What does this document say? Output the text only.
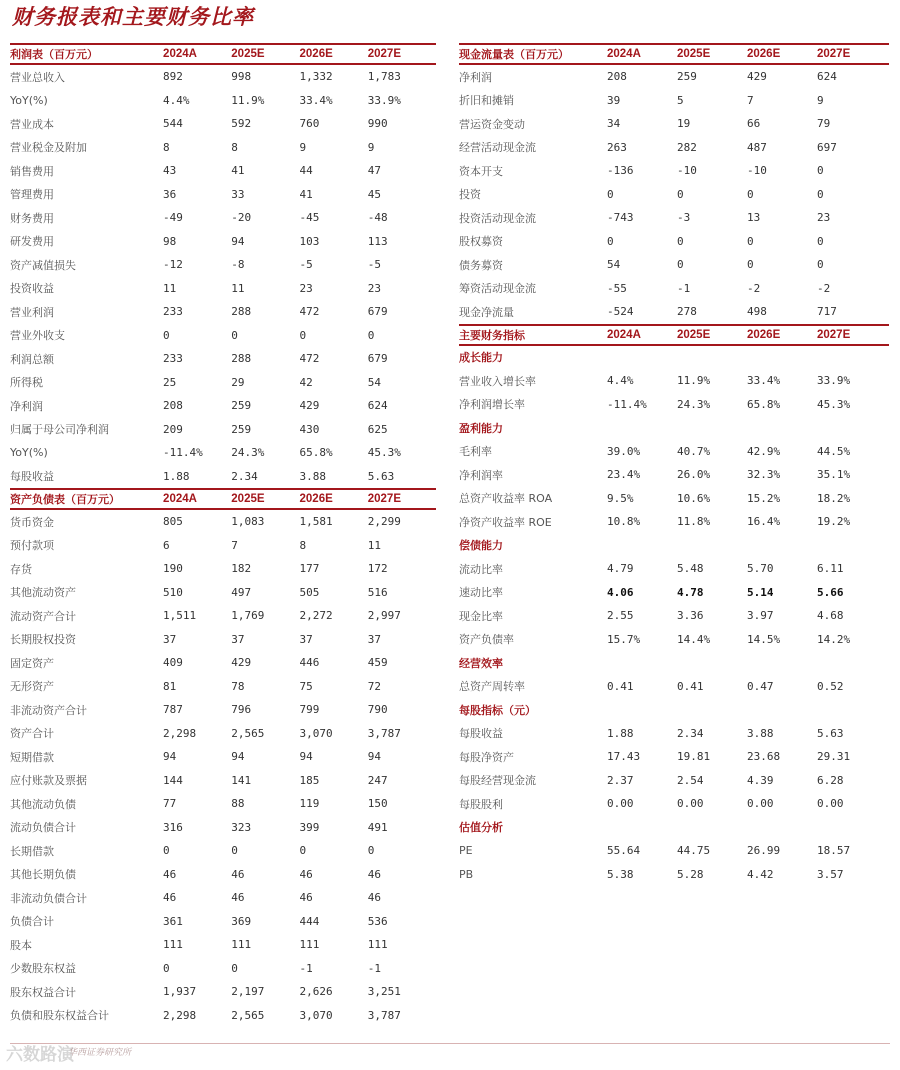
财务报表和主要财务比率
利润表（百万元）	2024A	2025E	2026E	2027E
营业总收入	892	998	1,332	1,783
YoY(%)	4.4%	11.9%	33.4%	33.9%
营业成本	544	592	760	990
营业税金及附加	8	8	9	9
销售费用	43	41	44	47
管理费用	36	33	41	45
财务费用	-49	-20	-45	-48
研发费用	98	94	103	113
资产减值损失	-12	-8	-5	-5
投资收益	11	11	23	23
营业利润	233	288	472	679
营业外收支	0	0	0	0
利润总额	233	288	472	679
所得税	25	29	42	54
净利润	208	259	429	624
归属于母公司净利润	209	259	430	625
YoY(%)	-11.4%	24.3%	65.8%	45.3%
每股收益	1.88	2.34	3.88	5.63
资产负债表（百万元）	2024A	2025E	2026E	2027E
货币资金	805	1,083	1,581	2,299
预付款项	6	7	8	11
存货	190	182	177	172
其他流动资产	510	497	505	516
流动资产合计	1,511	1,769	2,272	2,997
长期股权投资	37	37	37	37
固定资产	409	429	446	459
无形资产	81	78	75	72
非流动资产合计	787	796	799	790
资产合计	2,298	2,565	3,070	3,787
短期借款	94	94	94	94
应付账款及票据	144	141	185	247
其他流动负债	77	88	119	150
流动负债合计	316	323	399	491
长期借款	0	0	0	0
其他长期负债	46	46	46	46
非流动负债合计	46	46	46	46
负债合计	361	369	444	536
股本	111	111	111	111
少数股东权益	0	0	-1	-1
股东权益合计	1,937	2,197	2,626	3,251
负债和股东权益合计	2,298	2,565	3,070	3,787
现金流量表（百万元）	2024A	2025E	2026E	2027E
净利润	208	259	429	624
折旧和摊销	39	5	7	9
营运资金变动	34	19	66	79
经营活动现金流	263	282	487	697
资本开支	-136	-10	-10	0
投资	0	0	0	0
投资活动现金流	-743	-3	13	23
股权募资	0	0	0	0
债务募资	54	0	0	0
筹资活动现金流	-55	-1	-2	-2
现金净流量	-524	278	498	717
主要财务指标	2024A	2025E	2026E	2027E
成长能力
营业收入增长率	4.4%	11.9%	33.4%	33.9%
净利润增长率	-11.4%	24.3%	65.8%	45.3%
盈利能力
毛利率	39.0%	40.7%	42.9%	44.5%
净利润率	23.4%	26.0%	32.3%	35.1%
总资产收益率 ROA	9.5%	10.6%	15.2%	18.2%
净资产收益率 ROE	10.8%	11.8%	16.4%	19.2%
偿债能力
流动比率	4.79	5.48	5.70	6.11
速动比率	4.06	4.78	5.14	5.66
现金比率	2.55	3.36	3.97	4.68
资产负债率	15.7%	14.4%	14.5%	14.2%
经营效率
总资产周转率	0.41	0.41	0.47	0.52
每股指标（元）
每股收益	1.88	2.34	3.88	5.63
每股净资产	17.43	19.81	23.68	29.31
每股经营现金流	2.37	2.54	4.39	6.28
每股股利	0.00	0.00	0.00	0.00
估值分析
PE	55.64	44.75	26.99	18.57
PB	5.38	5.28	4.42	3.57
六数路演
华西证券研究所
